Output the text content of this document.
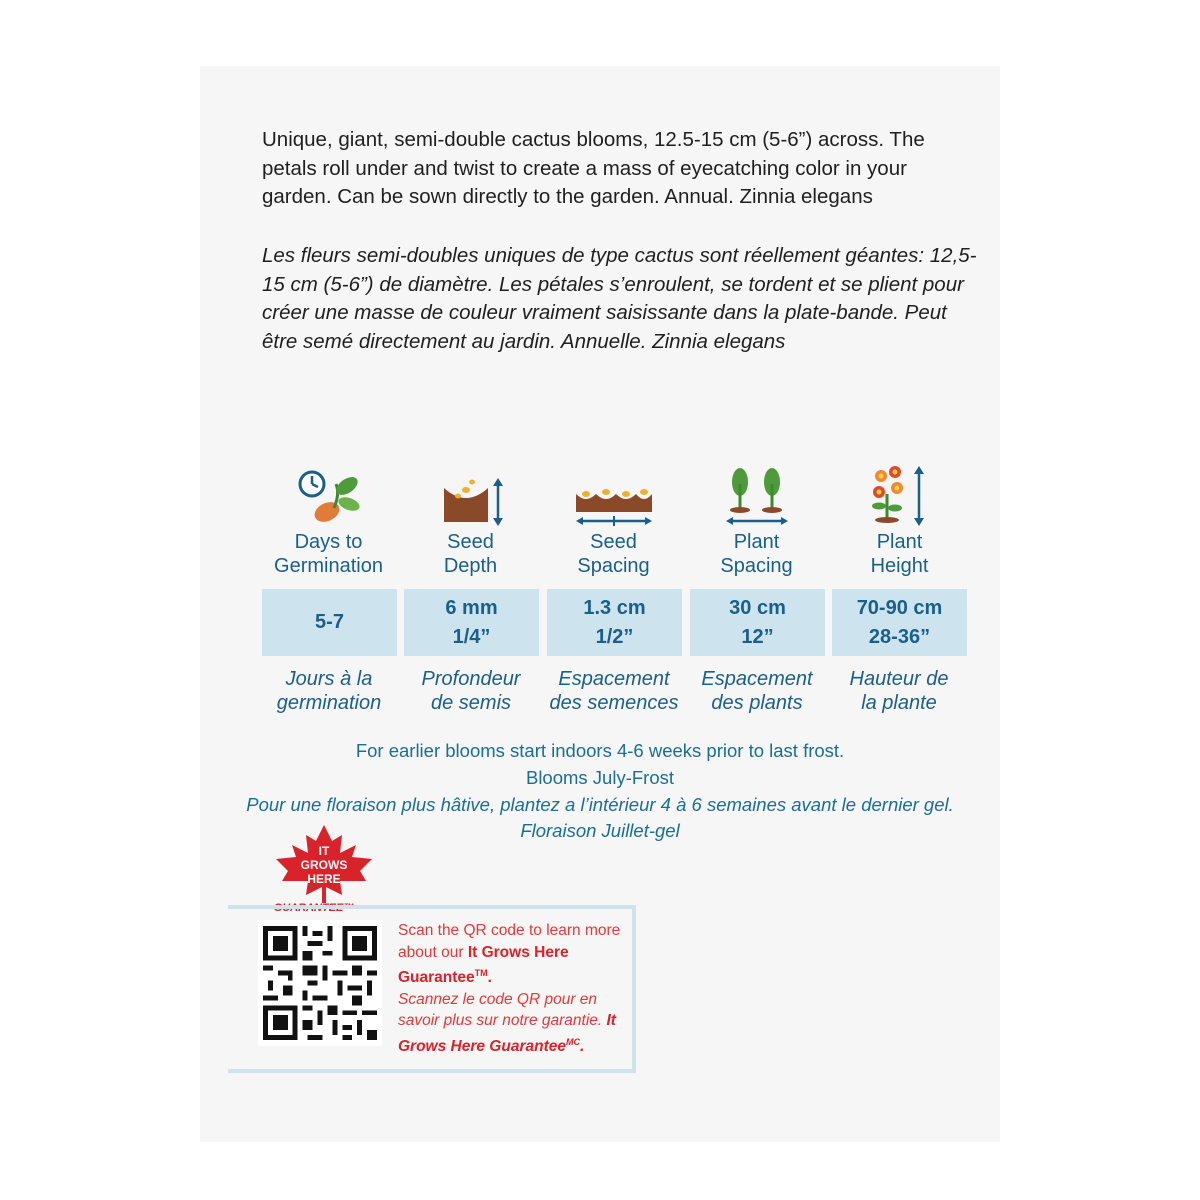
Unique, giant, semi-double cactus blooms, 12.5-15 cm (5-6”) across. The petals roll under and twist to create a mass of eyecatching color in your garden. Can be sown directly to the garden. Annual. Zinnia elegans
Les fleurs semi-doubles uniques de type cactus sont réellement géantes: 12,5-15 cm (5-6”) de diamètre. Les pétales s’enroulent, se tordent et se plient pour créer une masse de couleur vraiment saisissante dans la plate-bande. Peut être semé directement au jardin. Annuelle. Zinnia elegans
Days to
Germination
Seed
Depth
Seed
Spacing
Plant
Spacing
Plant
Height
5-7
6 mm
1/4”
1.3 cm
1/2”
30 cm
12”
70-90 cm
28-36”
Jours à la
germination
Profondeur
de semis
Espacement
des semences
Espacement
des plants
Hauteur de
la plante
For earlier blooms start indoors 4-6 weeks prior to last frost.
Blooms July-Frost
Pour une floraison plus hâtive, plantez a l’intérieur 4 à 6 semaines avant le dernier gel.
Floraison Juillet-gel
IT
GROWS
HERE
GUARANTEE™
Scan the QR code to learn more about our It Grows Here Guarantee™.
Scannez le code QR pour en savoir plus sur notre garantie. It Grows Here Guarantee$^{MC}$.
